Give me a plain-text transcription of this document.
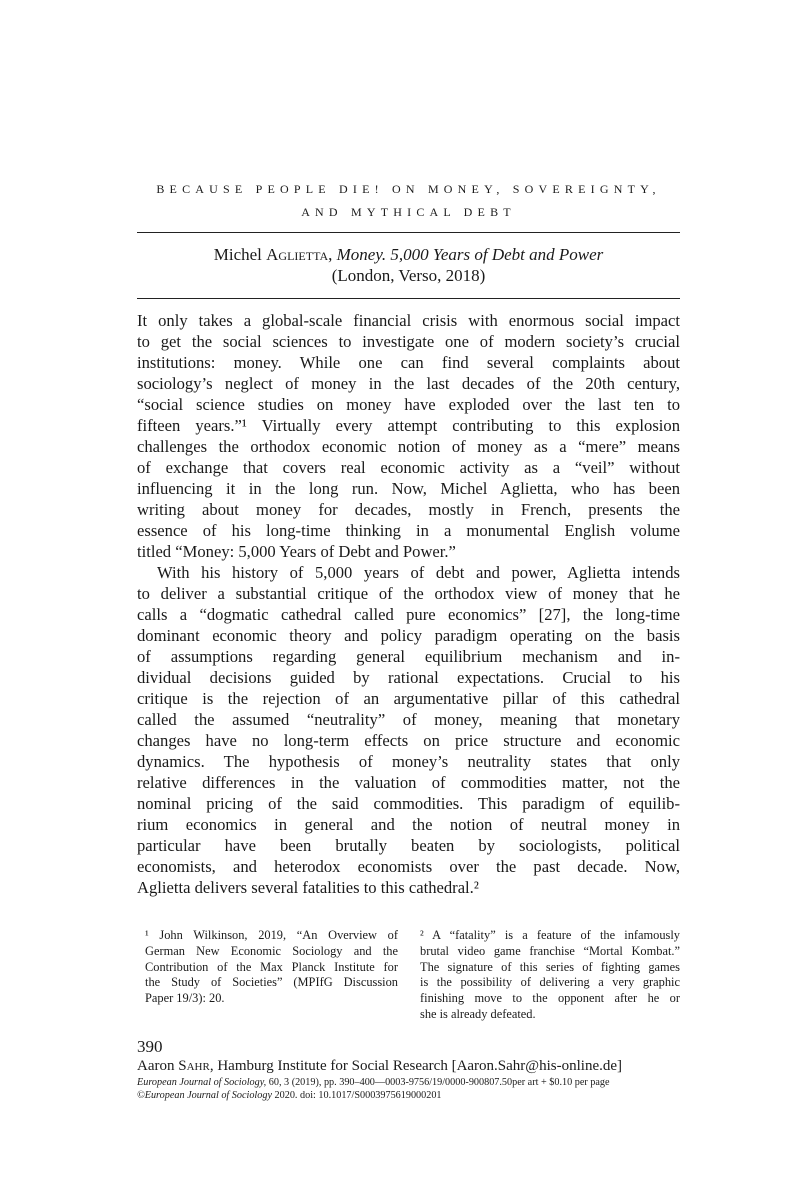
BECAUSE PEOPLE DIE! ON MONEY, SOVEREIGNTY,
AND MYTHICAL DEBT
Michel Aglietta, Money. 5,000 Years of Debt and Power
(London, Verso, 2018)
It only takes a global-scale financial crisis with enormous social impact
to get the social sciences to investigate one of modern society’s crucial
institutions: money. While one can find several complaints about
sociology’s neglect of money in the last decades of the 20th century,
“social science studies on money have exploded over the last ten to
fifteen years.”¹ Virtually every attempt contributing to this explosion
challenges the orthodox economic notion of money as a “mere” means
of exchange that covers real economic activity as a “veil” without
influencing it in the long run. Now, Michel Aglietta, who has been
writing about money for decades, mostly in French, presents the
essence of his long-time thinking in a monumental English volume
titled “Money: 5,000 Years of Debt and Power.”
With his history of 5,000 years of debt and power, Aglietta intends
to deliver a substantial critique of the orthodox view of money that he
calls a “dogmatic cathedral called pure economics” [27], the long-time
dominant economic theory and policy paradigm operating on the basis
of assumptions regarding general equilibrium mechanism and in-
dividual decisions guided by rational expectations. Crucial to his
critique is the rejection of an argumentative pillar of this cathedral
called the assumed “neutrality” of money, meaning that monetary
changes have no long-term effects on price structure and economic
dynamics. The hypothesis of money’s neutrality states that only
relative differences in the valuation of commodities matter, not the
nominal pricing of the said commodities. This paradigm of equilib-
rium economics in general and the notion of neutral money in
particular have been brutally beaten by sociologists, political
economists, and heterodox economists over the past decade. Now,
Aglietta delivers several fatalities to this cathedral.²
¹ John Wilkinson, 2019, “An Overview of
German New Economic Sociology and the
Contribution of the Max Planck Institute for
the Study of Societies” (MPIfG Discussion
Paper 19/3): 20.
² A “fatality” is a feature of the infamously
brutal video game franchise “Mortal Kombat.”
The signature of this series of fighting games
is the possibility of delivering a very graphic
finishing move to the opponent after he or
she is already defeated.
390
Aaron Sahr, Hamburg Institute for Social Research [Aaron.Sahr@his-online.de]
European Journal of Sociology, 60, 3 (2019), pp. 390–400—0003-9756/19/0000-900807.50per art + $0.10 per page
©European Journal of Sociology 2020. doi: 10.1017/S0003975619000201
